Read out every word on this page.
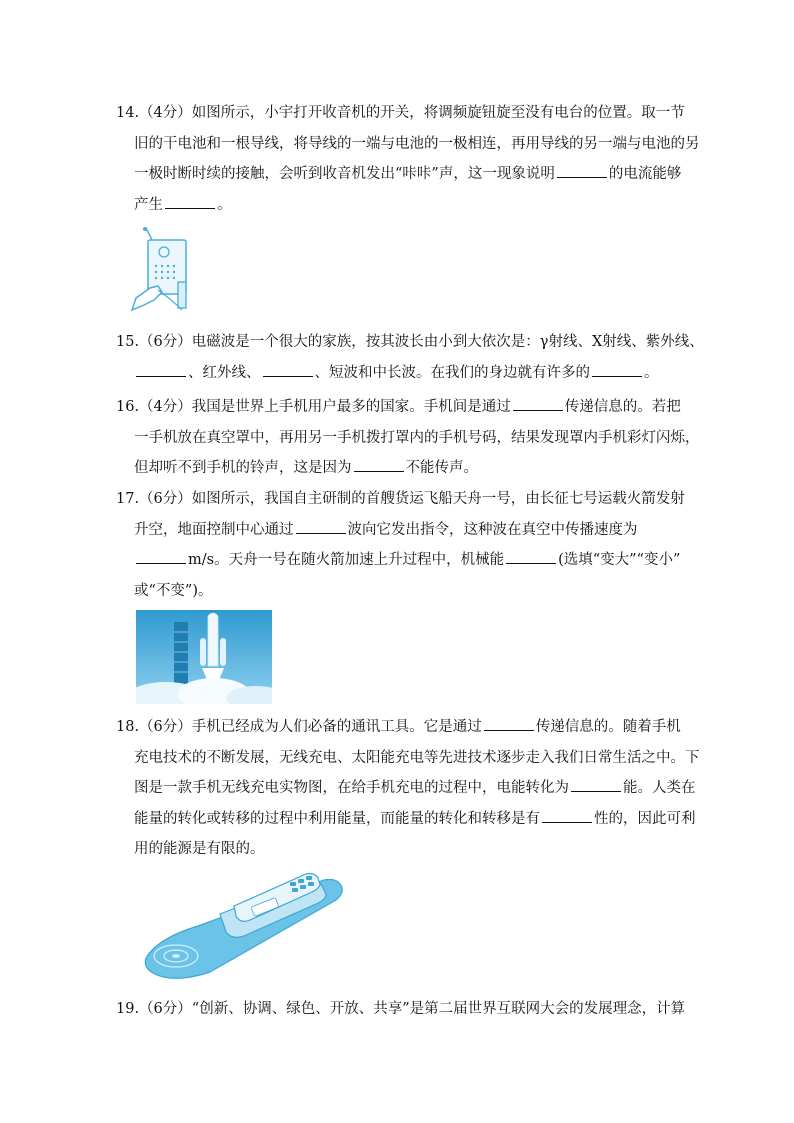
14.（4分）如图所示，小宇打开收音机的开关，将调频旋钮旋至没有电台的位置。取一节
旧的干电池和一根导线，将导线的一端与电池的一极相连，再用导线的另一端与电池的另
一极时断时续的接触，会听到收音机发出“咔咔”声，这一现象说明	的电流能够
产生	。
15.（6分）电磁波是一个很大的家族，按其波长由小到大依次是：γ射线、X射线、紫外线、
、红外线、	、短波和中长波。在我们的身边就有许多的	。
16.（4分）我国是世界上手机用户最多的国家。手机间是通过	传递信息的。若把
一手机放在真空罩中，再用另一手机拨打罩内的手机号码，结果发现罩内手机彩灯闪烁，
但却听不到手机的铃声，这是因为	不能传声。
17.（6分）如图所示，我国自主研制的首艘货运飞船天舟一号，由长征七号运载火箭发射
升空，地面控制中心通过	波向它发出指令，这种波在真空中传播速度为
m/s。天舟一号在随火箭加速上升过程中，机械能	(选填“变大”“变小”
或“不变”)。
18.（6分）手机已经成为人们必备的通讯工具。它是通过	传递信息的。随着手机
充电技术的不断发展，无线充电、太阳能充电等先进技术逐步走入我们日常生活之中。下
图是一款手机无线充电实物图，在给手机充电的过程中，电能转化为	能。人类在
能量的转化或转移的过程中利用能量，而能量的转化和转移是有	性的，因此可利
用的能源是有限的。
19.（6分）“创新、协调、绿色、开放、共享”是第二届世界互联网大会的发展理念，计算
